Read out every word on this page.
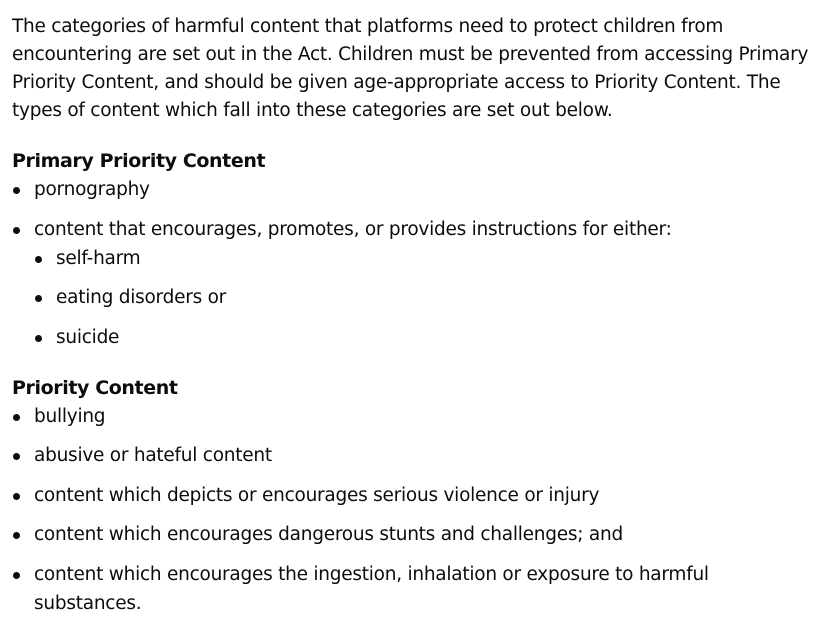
The categories of harmful content that platforms need to protect children from encountering are set out in the Act. Children must be prevented from accessing Primary Priority Content, and should be given age-appropriate access to Priority Content. The types of content which fall into these categories are set out below.

Primary Priority Content
pornography
content that encourages, promotes, or provides instructions for either:
self-harm
eating disorders or
suicide
Priority Content
bullying
abusive or hateful content
content which depicts or encourages serious violence or injury
content which encourages dangerous stunts and challenges; and
content which encourages the ingestion, inhalation or exposure to harmful substances.
